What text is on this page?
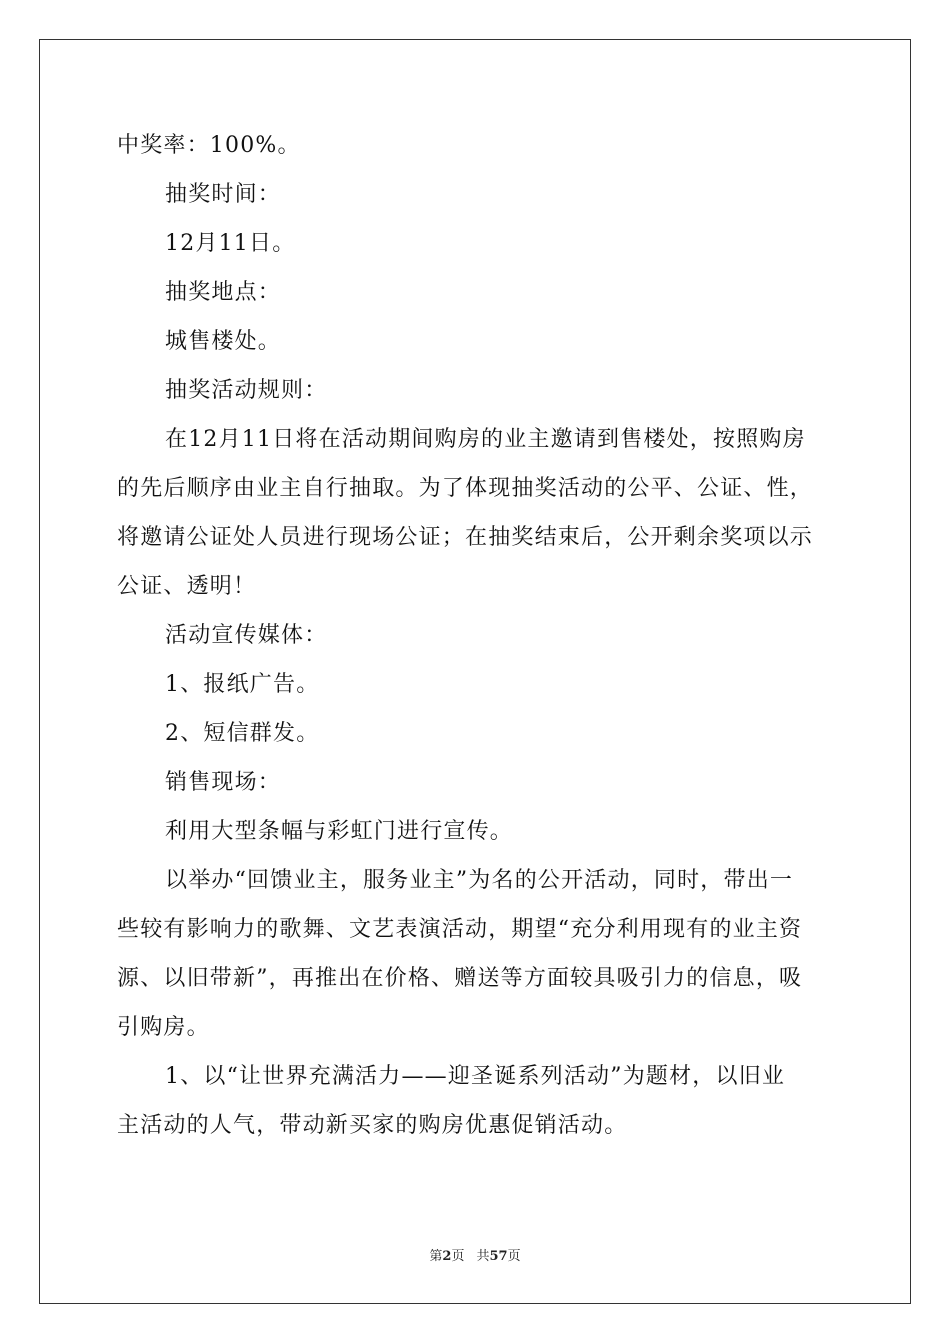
中奖率：100%。
抽奖时间：
12月11日。
抽奖地点：
城售楼处。
抽奖活动规则：
在12月11日将在活动期间购房的业主邀请到售楼处，按照购房
的先后顺序由业主自行抽取。为了体现抽奖活动的公平、公证、性，
将邀请公证处人员进行现场公证；在抽奖结束后，公开剩余奖项以示
公证、透明！
活动宣传媒体：
1、报纸广告。
2、短信群发。
销售现场：
利用大型条幅与彩虹门进行宣传。
以举办“回馈业主，服务业主”为名的公开活动，同时，带出一
些较有影响力的歌舞、文艺表演活动，期望“充分利用现有的业主资
源、以旧带新”，再推出在价格、赠送等方面较具吸引力的信息，吸
引购房。
1、以“让世界充满活力——迎圣诞系列活动”为题材，以旧业
主活动的人气，带动新买家的购房优惠促销活动。
第2页 共57页
